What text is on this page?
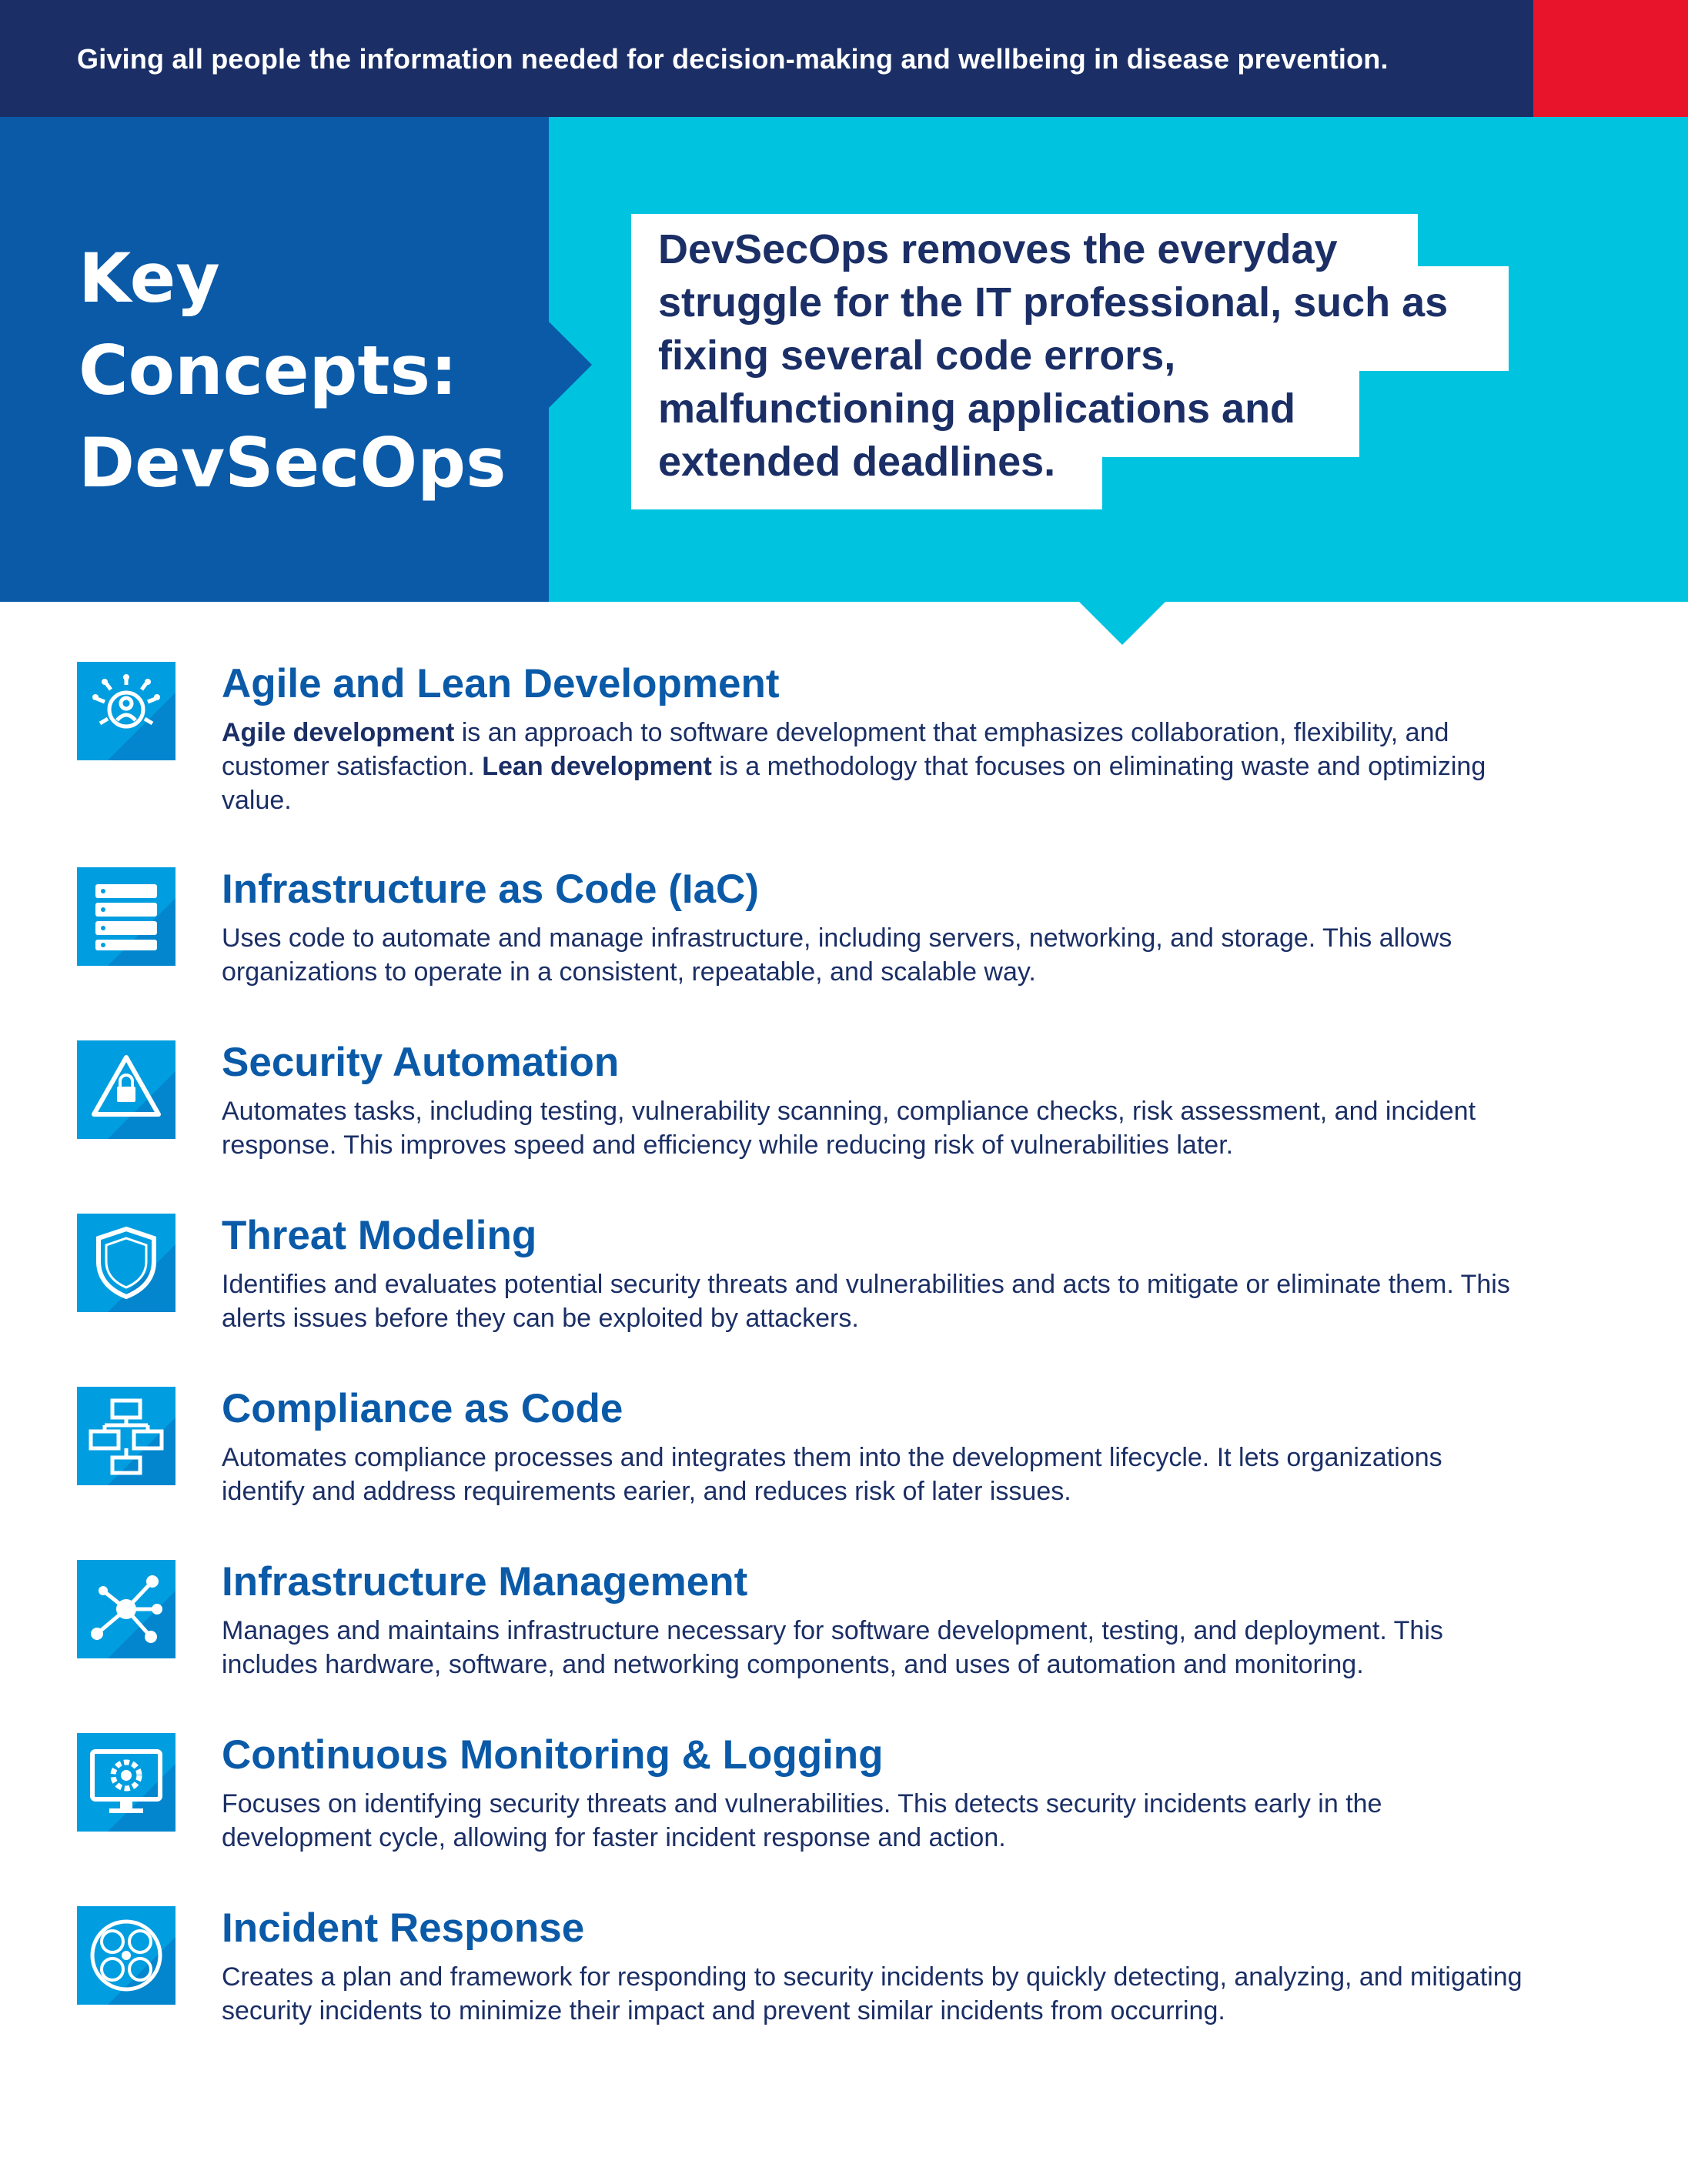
Giving all people the information needed for decision-making and wellbeing in disease prevention.
Key
Concepts:
DevSecOps
DevSecOps removes the everyday
struggle for the IT professional, such as
fixing several code errors,
malfunctioning applications and
extended deadlines.
Agile and Lean Development
Agile development is an approach to software development that emphasizes collaboration, flexibility, and customer satisfaction. Lean development is a methodology that focuses on eliminating waste and optimizing value.
Infrastructure as Code (IaC)
Uses code to automate and manage infrastructure, including servers, networking, and storage. This allows organizations to operate in a consistent, repeatable, and scalable way.
Security Automation
Automates tasks, including testing, vulnerability scanning, compliance checks, risk assessment, and incident response. This improves speed and efficiency while reducing risk of vulnerabilities later.
Threat Modeling
Identifies and evaluates potential security threats and vulnerabilities and acts to mitigate or eliminate them. This alerts issues before they can be exploited by attackers.
Compliance as Code
Automates compliance processes and integrates them into the development lifecycle. It lets organizations identify and address requirements earier, and reduces risk of later issues.
Infrastructure Management
Manages and maintains infrastructure necessary for software development, testing, and deployment. This includes hardware, software, and networking components, and uses of automation and monitoring.
Continuous Monitoring & Logging
Focuses on identifying security threats and vulnerabilities. This detects security incidents early in the development cycle, allowing for faster incident response and action.
Incident Response
Creates a plan and framework for responding to security incidents by quickly detecting, analyzing, and mitigating security incidents to minimize their impact and prevent similar incidents from occurring.
